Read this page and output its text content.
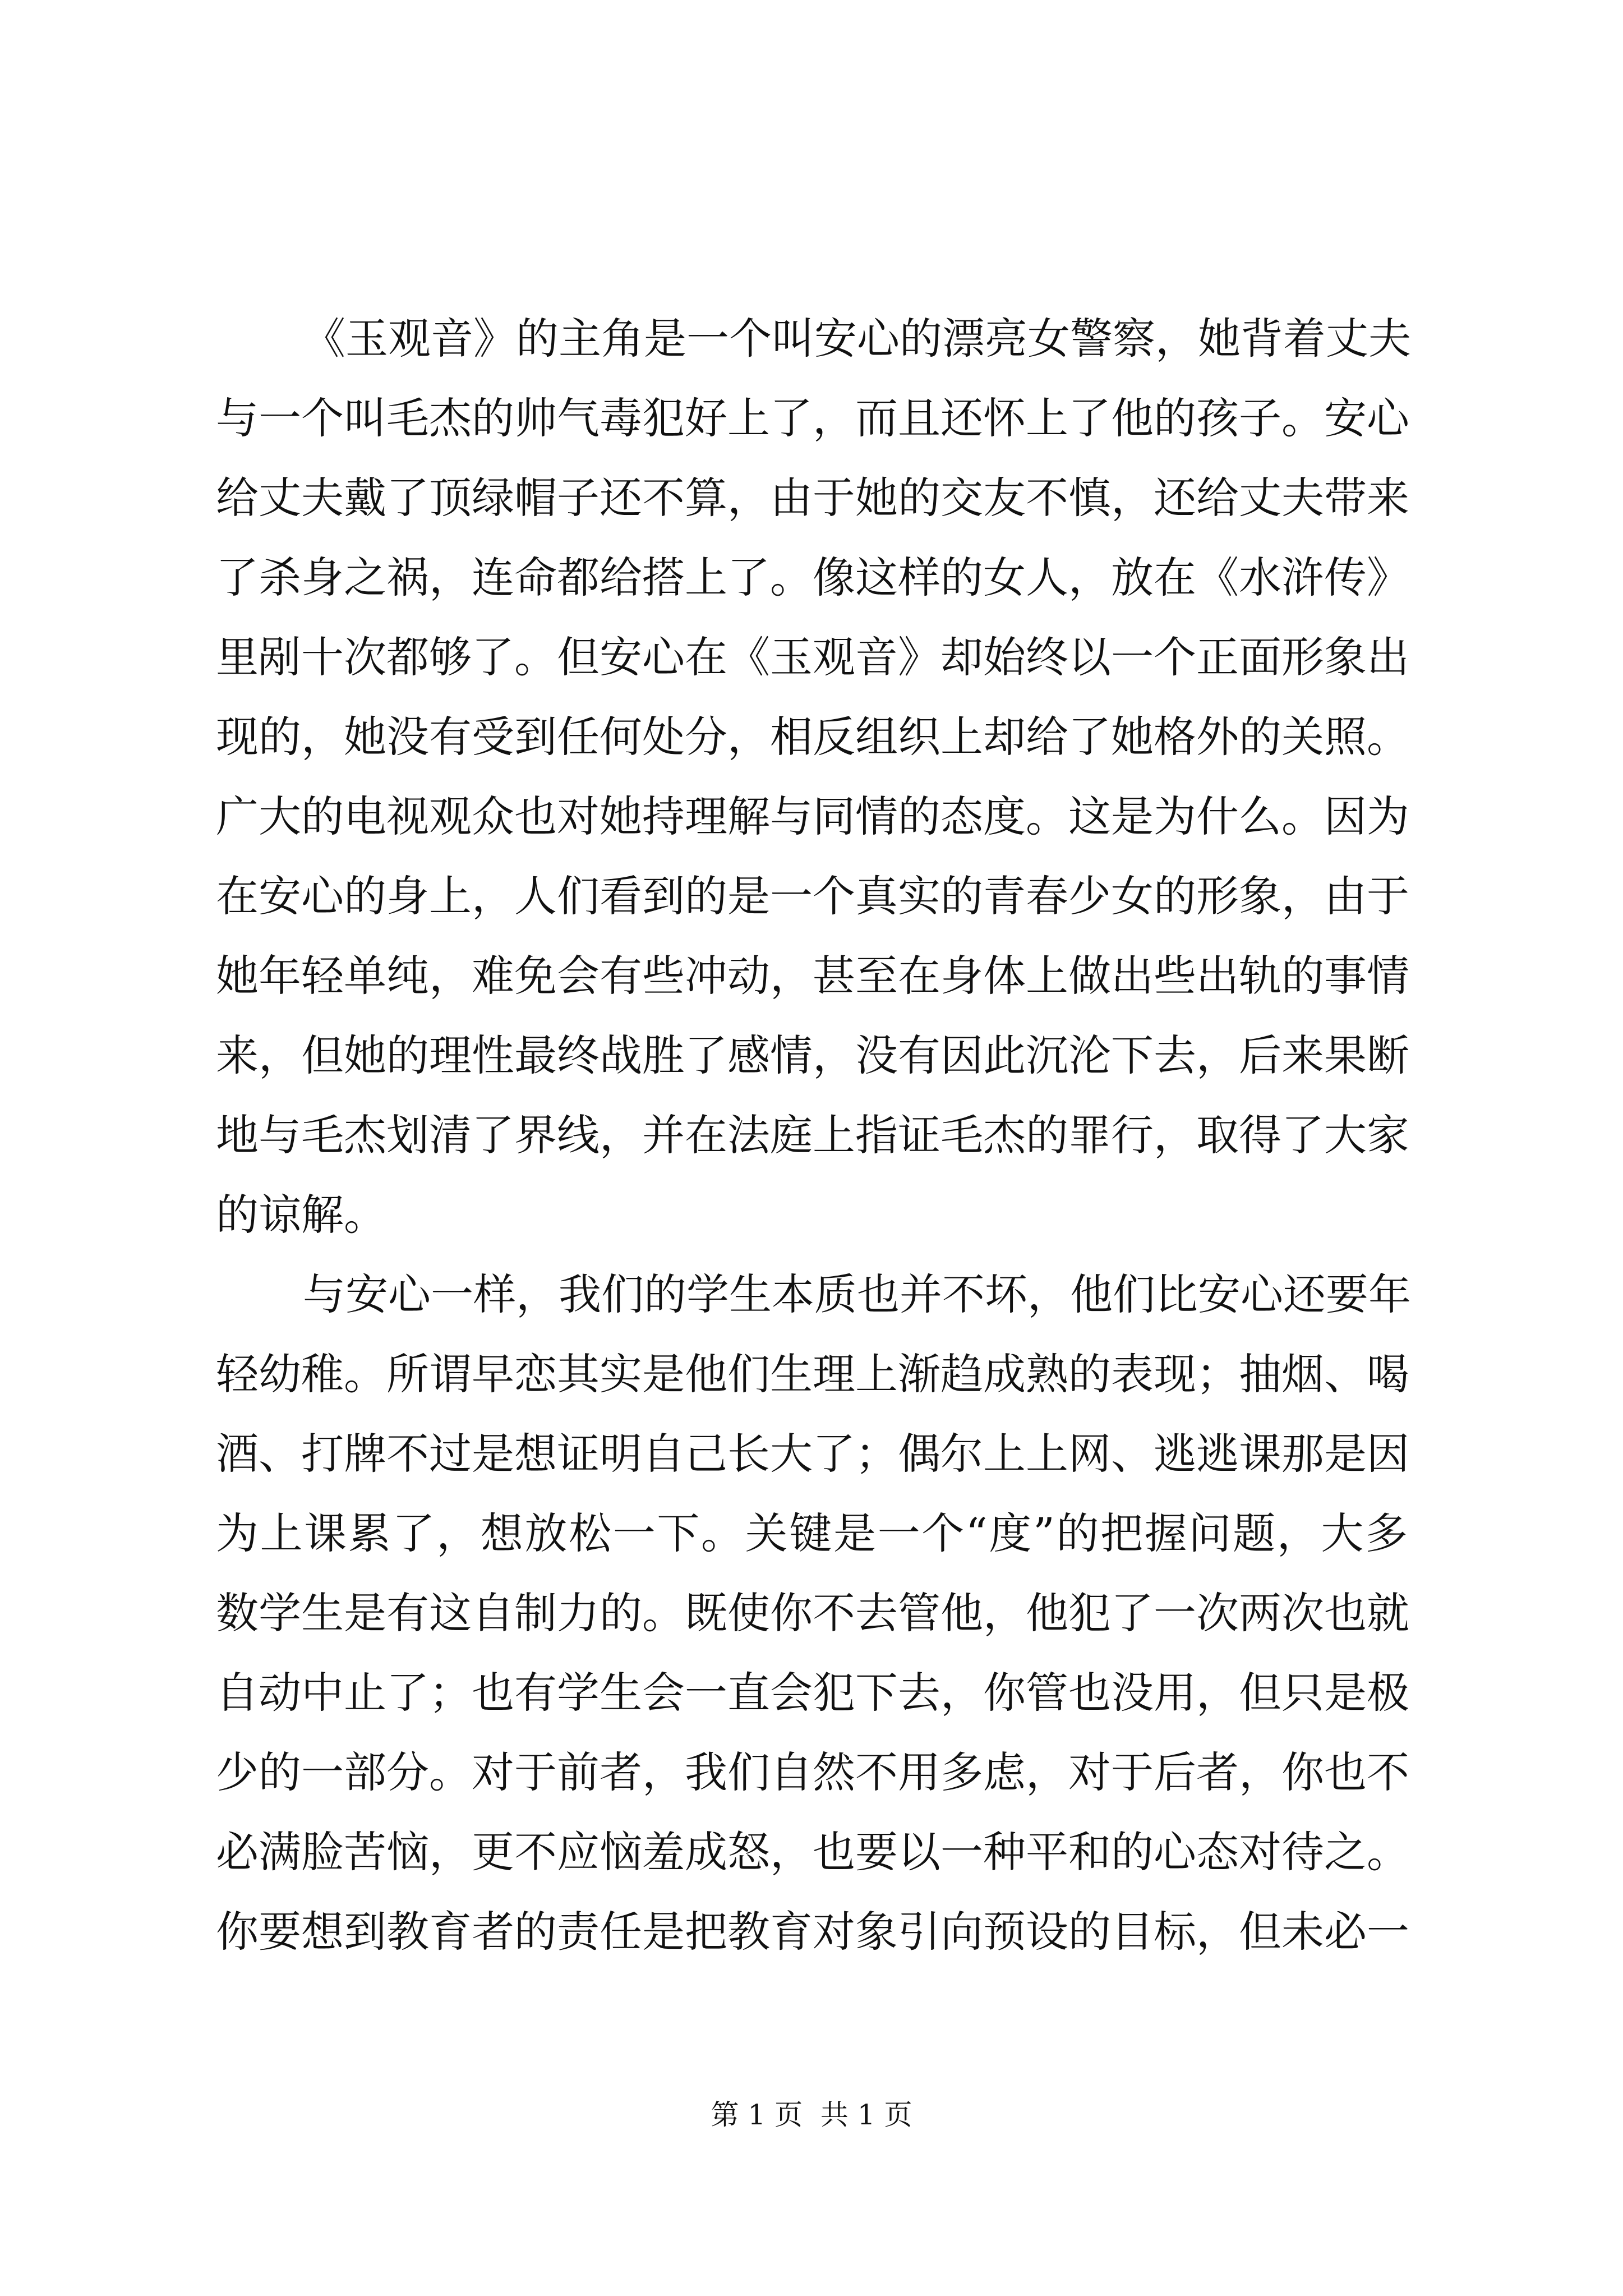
《玉观音》的主角是一个叫安心的漂亮女警察，她背着丈夫
与一个叫毛杰的帅气毒犯好上了，而且还怀上了他的孩子。安心
给丈夫戴了顶绿帽子还不算，由于她的交友不慎，还给丈夫带来
了杀身之祸，连命都给搭上了。像这样的女人，放在《水浒传》
里剐十次都够了。但安心在《玉观音》却始终以一个正面形象出
现的，她没有受到任何处分，相反组织上却给了她格外的关照。
广大的电视观众也对她持理解与同情的态度。这是为什么。因为
在安心的身上，人们看到的是一个真实的青春少女的形象，由于
她年轻单纯，难免会有些冲动，甚至在身体上做出些出轨的事情
来，但她的理性最终战胜了感情，没有因此沉沦下去，后来果断
地与毛杰划清了界线，并在法庭上指证毛杰的罪行，取得了大家
的谅解。
与安心一样，我们的学生本质也并不坏，他们比安心还要年
轻幼稚。所谓早恋其实是他们生理上渐趋成熟的表现；抽烟、喝
酒、打牌不过是想证明自己长大了；偶尔上上网、逃逃课那是因
为上课累了，想放松一下。关键是一个“度”的把握问题，大多
数学生是有这自制力的。既使你不去管他，他犯了一次两次也就
自动中止了；也有学生会一直会犯下去，你管也没用，但只是极
少的一部分。对于前者，我们自然不用多虑，对于后者，你也不
必满脸苦恼，更不应恼羞成怒，也要以一种平和的心态对待之。
你要想到教育者的责任是把教育对象引向预设的目标，但未必一
第 1 页  共 1 页
